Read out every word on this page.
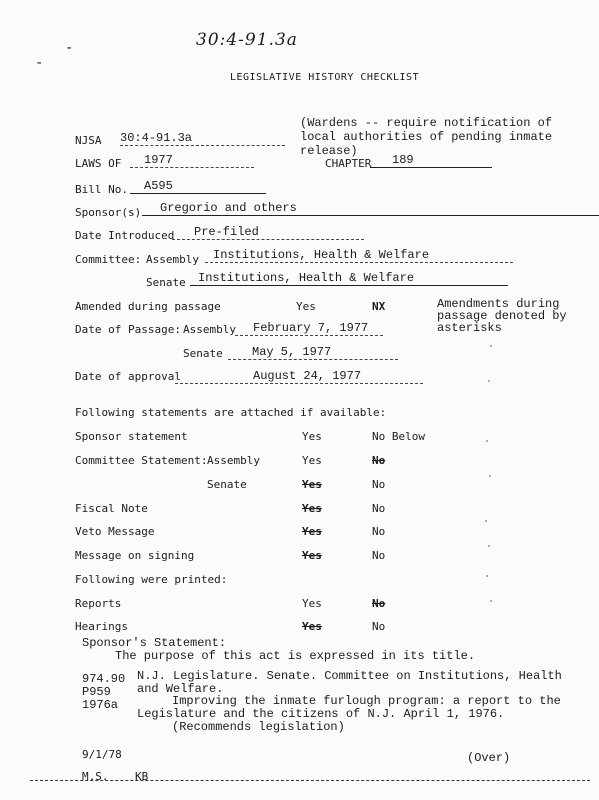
30:4-91.3a
-
-
LEGISLATIVE HISTORY CHECKLIST
NJSA 30:4-91.3a
(Wardens -- require notification of local authorities of pending inmate release)
LAWS OF	1977	CHAPTER	189
Bill No.	A595
Sponsor(s)	Gregorio and others
Date Introduced	Pre-filed
Committee: Assembly	Institutions, Health & Welfare
Senate	Institutions, Health & Welfare
Amended during passage	Yes	NX	Amendments during passage denoted by asterisks
Date of Passage: Assembly	February 7, 1977
Senate	May 5, 1977
Date of approval	August 24, 1977
Following statements are attached if available:
Sponsor statement	Yes	No Below
Committee Statement: Assembly	Yes	No
Senate	Yes	No
Fiscal Note	Yes	No
Veto Message	Yes	No
Message on signing	Yes	No
Following were printed:
Reports	Yes	No
Hearings	Yes	No
Sponsor's Statement:
The purpose of this act is expressed in its title.
974.90
P959
1976a
N.J. Legislature. Senate. Committee on Institutions, Health
and Welfare.
Improving the inmate furlough program: a report to the
Legislature and the citizens of N.J. April 1, 1976.
(Recommends legislation)
9/1/78	(Over)
M.S. KB
